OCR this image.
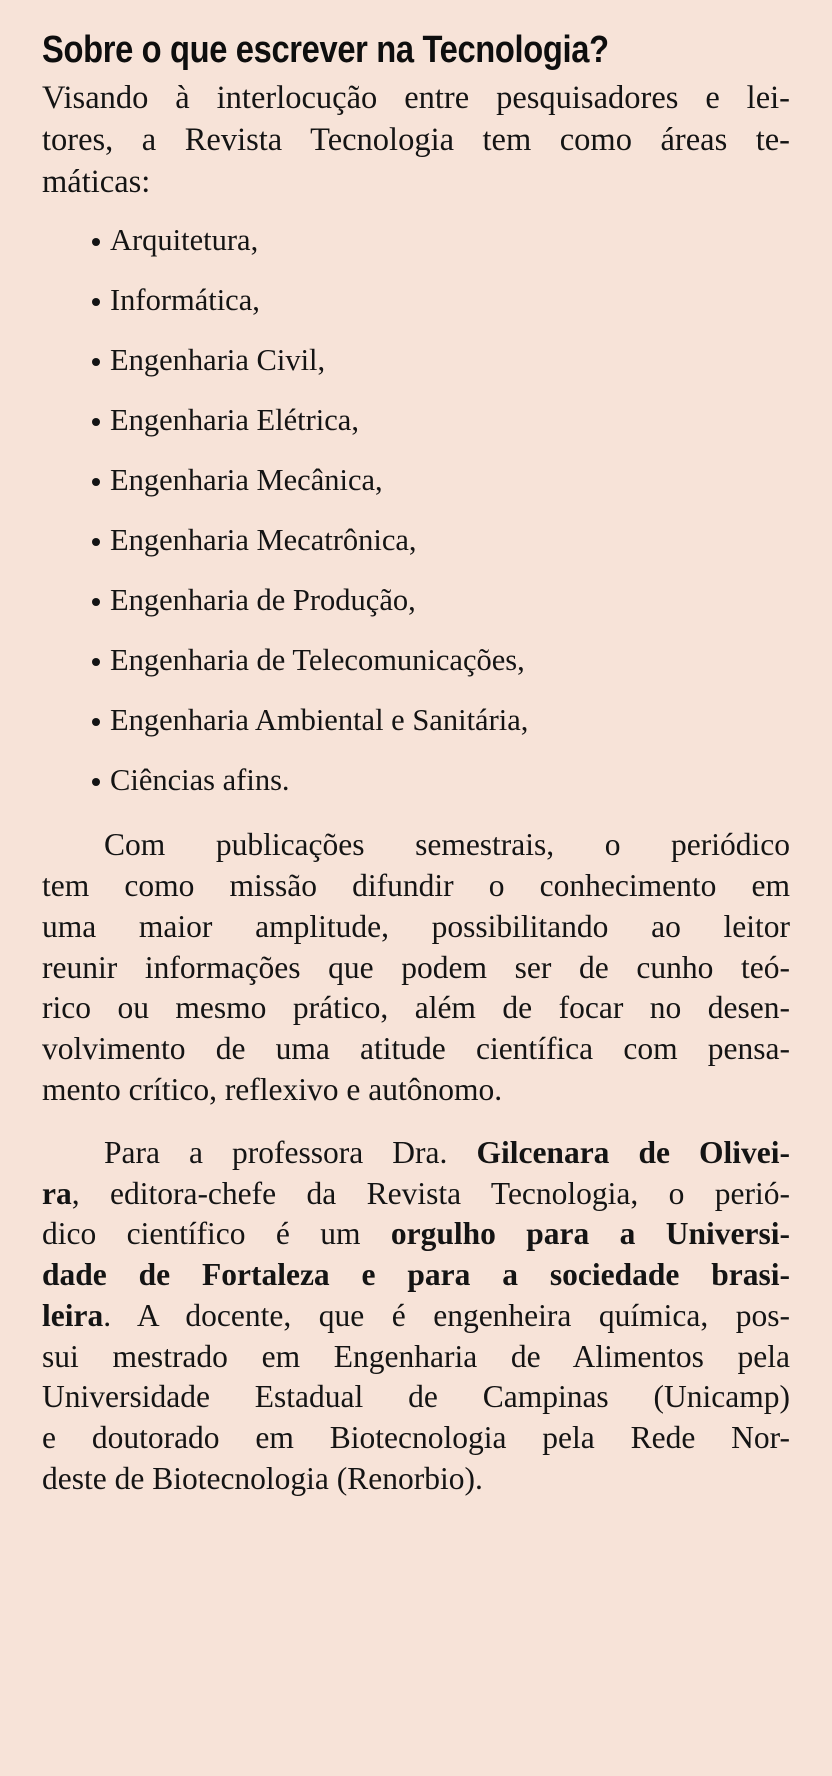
Sobre o que escrever na Tecnologia?

Visando à interlocução entre pesquisadores e lei-
tores, a Revista Tecnologia tem como áreas te-
máticas:

Arquitetura,
Informática,
Engenharia Civil,
Engenharia Elétrica,
Engenharia Mecânica,
Engenharia Mecatrônica,
Engenharia de Produção,
Engenharia de Telecomunicações,
Engenharia Ambiental e Sanitária,
Ciências afins.

Com publicações semestrais, o periódico
tem como missão difundir o conhecimento em
uma maior amplitude, possibilitando ao leitor
reunir informações que podem ser de cunho teó-
rico ou mesmo prático, além de focar no desen-
volvimento de uma atitude científica com pensa-
mento crítico, reflexivo e autônomo.

Para a professora Dra. Gilcenara de Olivei-
ra, editora-chefe da Revista Tecnologia, o perió-
dico científico é um orgulho para a Universi-
dade de Fortaleza e para a sociedade brasi-
leira. A docente, que é engenheira química, pos-
sui mestrado em Engenharia de Alimentos pela
Universidade Estadual de Campinas (Unicamp)
e doutorado em Biotecnologia pela Rede Nor-
deste de Biotecnologia (Renorbio).
